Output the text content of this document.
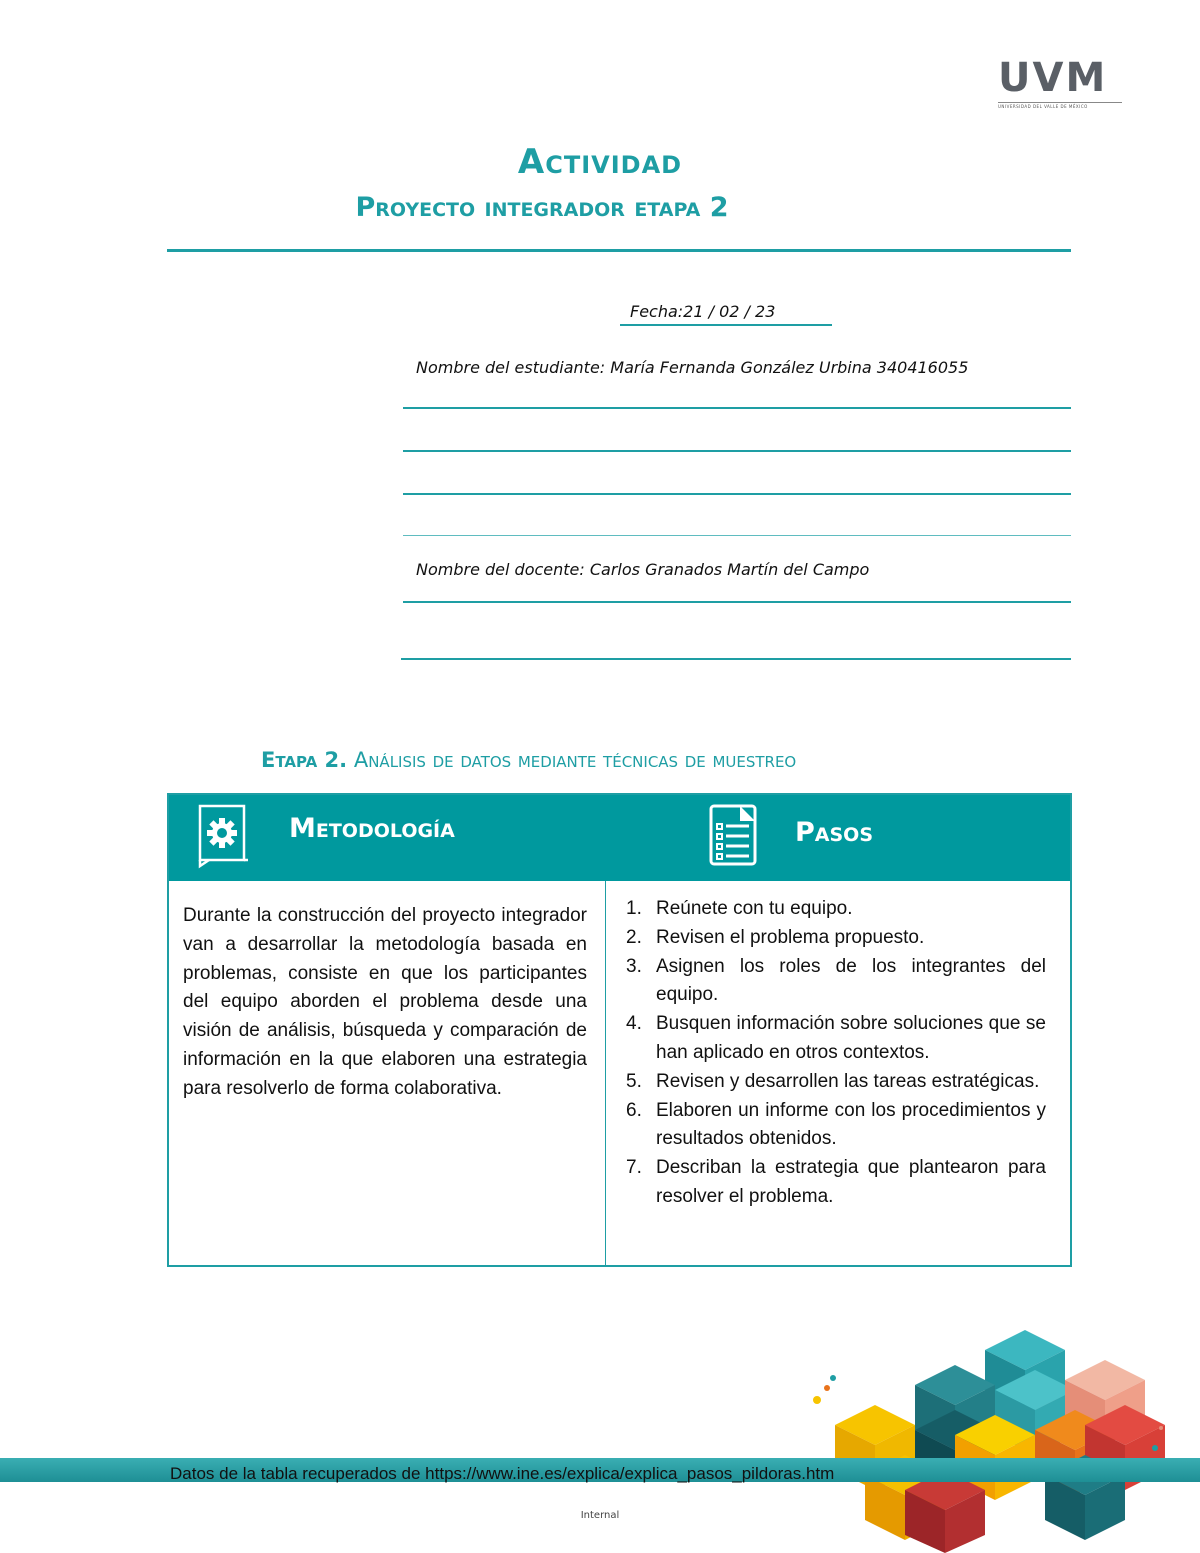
UVM
UNIVERSIDAD DEL VALLE DE MÉXICO
Actividad
Proyecto integrador etapa 2
Fecha:21 / 02 / 23
Nombre del estudiante: María Fernanda González Urbina 340416055
Nombre del docente: Carlos Granados Martín del Campo
Etapa 2. Análisis de datos mediante técnicas de muestreo
Metodología	Pasos
Durante la construcción del proyecto integrador van a desarrollar la metodología basada en problemas, consiste en que los participantes del equipo aborden el problema desde una visión de análisis, búsqueda y comparación de información en la que elaboren una estrategia para resolverlo de forma colaborativa.
1. Reúnete con tu equipo.
2. Revisen el problema propuesto.
3. Asignen los roles de los integrantes del equipo.
4. Busquen información sobre soluciones que se han aplicado en otros contextos.
5. Revisen y desarrollen las tareas estratégicas.
6. Elaboren un informe con los procedimientos y resultados obtenidos.
7. Describan la estrategia que plantearon para resolver el problema.
Datos de la tabla recuperados de https://www.ine.es/explica/explica_pasos_pildoras.htm
Internal
